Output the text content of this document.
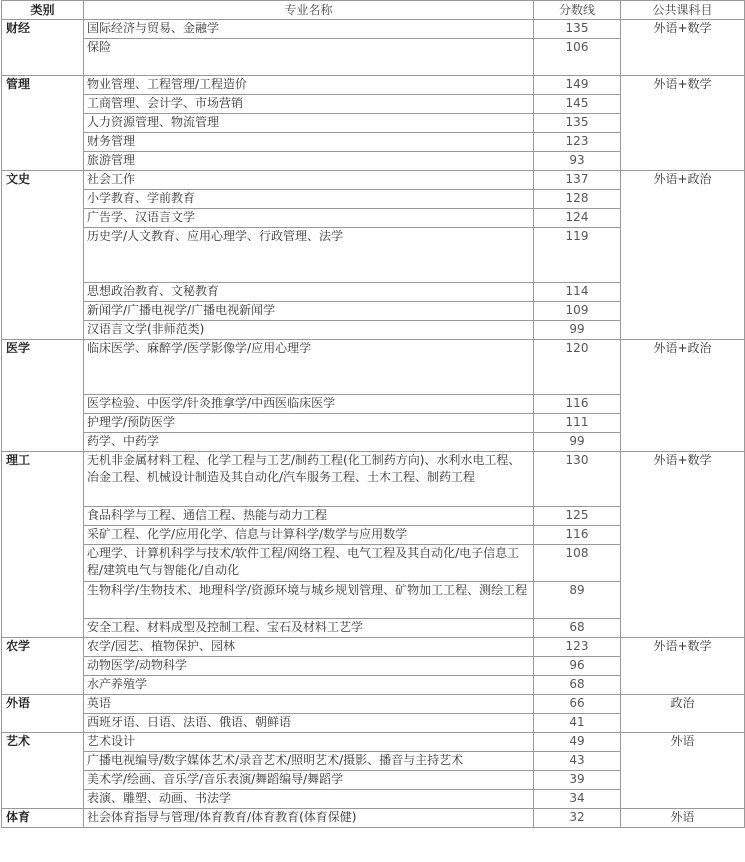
类别	专业名称	分数线	公共课科目
财经	国际经济与贸易、金融学	135	外语+数学
	保险	106	
管理	物业管理、工程管理/工程造价	149	外语+数学
	工商管理、会计学、市场营销	145	
	人力资源管理、物流管理	135	
	财务管理	123	
	旅游管理	93	
文史	社会工作	137	外语+政治
	小学教育、学前教育	128	
	广告学、汉语言文学	124	
	历史学/人文教育、应用心理学、行政管理、法学	119	
	思想政治教育、文秘教育	114	
	新闻学/广播电视学/广播电视新闻学	109	
	汉语言文学(非师范类)	99	
医学	临床医学、麻醉学/医学影像学/应用心理学	120	外语+政治
	医学检验、中医学/针灸推拿学/中西医临床医学	116	
	护理学/预防医学	111	
	药学、中药学	99	
理工	无机非金属材料工程、化学工程与工艺/制药工程(化工制药方向)、水利水电工程、冶金工程、机械设计制造及其自动化/汽车服务工程、土木工程、制药工程	130	外语+数学
	食品科学与工程、通信工程、热能与动力工程	125	
	采矿工程、化学/应用化学、信息与计算科学/数学与应用数学	116	
	心理学、计算机科学与技术/软件工程/网络工程、电气工程及其自动化/电子信息工程/建筑电气与智能化/自动化	108	
	生物科学/生物技术、地理科学/资源环境与城乡规划管理、矿物加工工程、测绘工程	89	
	安全工程、材料成型及控制工程、宝石及材料工艺学	68	
农学	农学/园艺、植物保护、园林	123	外语+数学
	动物医学/动物科学	96	
	水产养殖学	68	
外语	英语	66	政治
	西班牙语、日语、法语、俄语、朝鲜语	41	
艺术	艺术设计	49	外语
	广播电视编导/数字媒体艺术/录音艺术/照明艺术/摄影、播音与主持艺术	43	
	美术学/绘画、音乐学/音乐表演/舞蹈编导/舞蹈学	39	
	表演、雕塑、动画、书法学	34	
体育	社会体育指导与管理/体育教育/体育教育(体育保健)	32	外语
